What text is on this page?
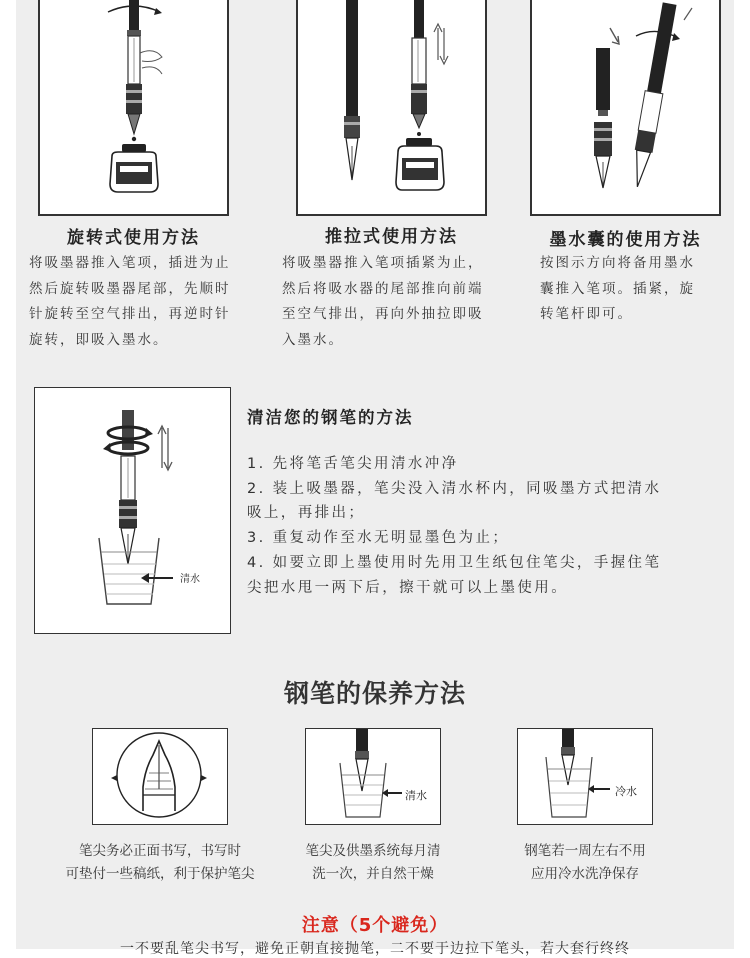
旋转式使用方法
将吸墨器推入笔项，插进为止
然后旋转吸墨器尾部，先顺时
针旋转至空气排出，再逆时针
旋转，即吸入墨水。
推拉式使用方法
将吸墨器推入笔项插紧为止，
然后将吸水器的尾部推向前端
至空气排出，再向外抽拉即吸
入墨水。
墨水囊的使用方法
按图示方向将备用墨水
囊推入笔项。插紧，旋
转笔杆即可。
清水
清洁您的钢笔的方法
1. 先将笔舌笔尖用清水冲净
2. 装上吸墨器，笔尖没入清水杯内，同吸墨方式把清水
吸上，再排出；
3. 重复动作至水无明显墨色为止；
4. 如要立即上墨使用时先用卫生纸包住笔尖，手握住笔
尖把水甩一两下后，擦干就可以上墨使用。
钢笔的保养方法
笔尖务必正面书写，书写时
可垫付一些稿纸，利于保护笔尖
清水
笔尖及供墨系统每月清
洗一次，并自然干燥
冷水
钢笔若一周左右不用
应用冷水洗净保存
注意（5个避免）
一不要乱笔尖书写，避免正朝直接抛笔，二不要于边拉下笔头，若大套行终终
